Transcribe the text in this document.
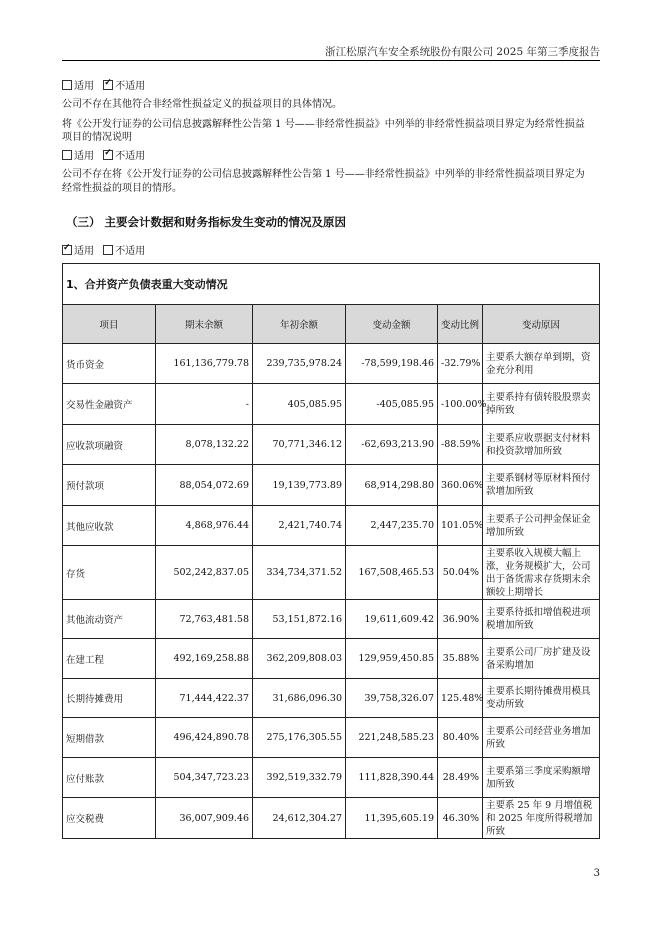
浙江松原汽车安全系统股份有限公司 2025 年第三季度报告
适用 ✓ 不适用
公司不存在其他符合非经常性损益定义的损益项目的具体情况。
将《公开发行证券的公司信息披露解释性公告第 1 号——非经常性损益》中列举的非经常性损益项目界定为经常性损益
项目的情况说明
适用 ✓ 不适用
公司不存在将《公开发行证券的公司信息披露解释性公告第 1 号——非经常性损益》中列举的非经常性损益项目界定为
经常性损益的项目的情形。
（三） 主要会计数据和财务指标发生变动的情况及原因
✓适用 不适用
1、合并资产负债表重大变动情况					
项目	期末余额	年初余额	变动金额	变动比例	变动原因
货币资金	161,136,779.78	239,735,978.24	-78,599,198.46	-32.79%	主要系大额存单到期，资金充分利用
交易性金融资产	-	405,085.95	-405,085.95	-100.00%	主要系持有债转股股票卖掉所致
应收款项融资	8,078,132.22	70,771,346.12	-62,693,213.90	-88.59%	主要系应收票据支付材料和投资款增加所致
预付款项	88,054,072.69	19,139,773.89	68,914,298.80	360.06%	主要系钢材等原材料预付款增加所致
其他应收款	4,868,976.44	2,421,740.74	2,447,235.70	101.05%	主要系子公司押金保证金增加所致
存货	502,242,837.05	334,734,371.52	167,508,465.53	50.04%	主要系收入规模大幅上涨，业务规模扩大，公司出于备货需求存货期末余额较上期增长
其他流动资产	72,763,481.58	53,151,872.16	19,611,609.42	36.90%	主要系待抵扣增值税进项税增加所致
在建工程	492,169,258.88	362,209,808.03	129,959,450.85	35.88%	主要系公司厂房扩建及设备采购增加
长期待摊费用	71,444,422.37	31,686,096.30	39,758,326.07	125.48%	主要系长期待摊费用模具变动所致
短期借款	496,424,890.78	275,176,305.55	221,248,585.23	80.40%	主要系公司经营业务增加所致
应付账款	504,347,723.23	392,519,332.79	111,828,390.44	28.49%	主要系第三季度采购额增加所致
应交税费	36,007,909.46	24,612,304.27	11,395,605.19	46.30%	主要系 25 年 9 月增值税和 2025 年度所得税增加所致
3
